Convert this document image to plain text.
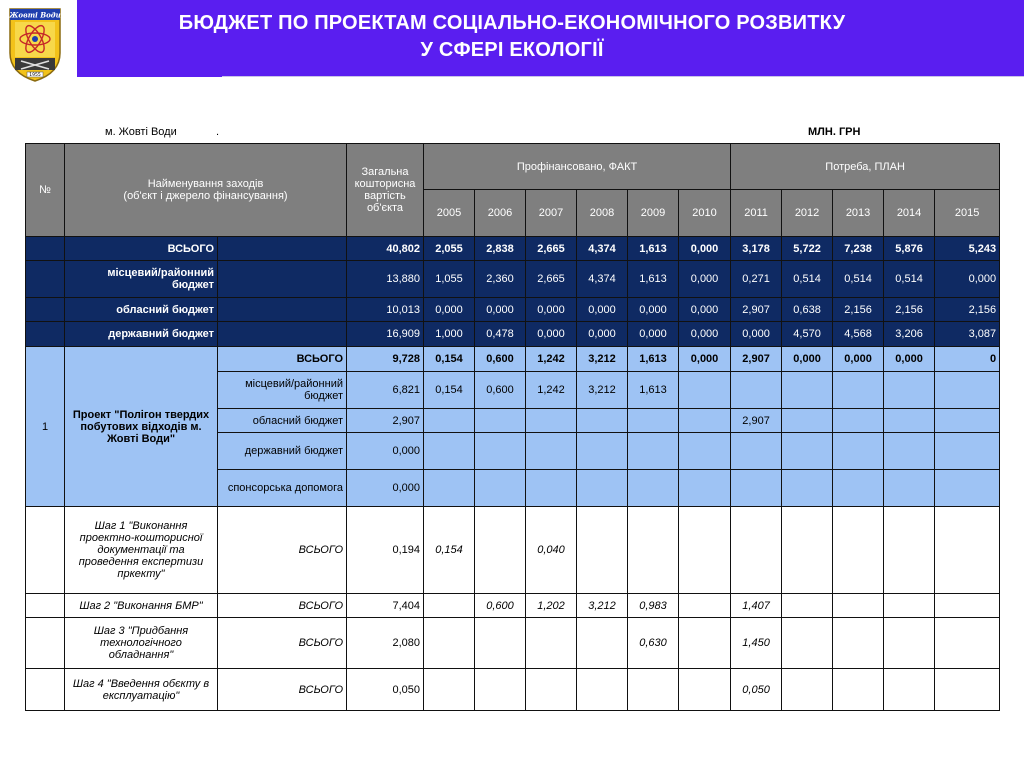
БЮДЖЕТ ПО ПРОЕКТАМ СОЦІАЛЬНО-ЕКОНОМІЧНОГО РОЗВИТКУ
У СФЕРІ ЕКОЛОГІЇ
Жовті Води
1955
м. Жовті Води	.	МЛН. ГРН
№	Найменування заходів
(об'єкт і джерело фінансування)		Загальна кошторисна вартість об'єкта	Профінансовано, ФАКТ						Потреба, ПЛАН				
				2005	2006	2007	2008	2009	2010	2011	2012	2013	2014	2015
	ВСЬОГО		40,802	2,055	2,838	2,665	4,374	1,613	0,000	3,178	5,722	7,238	5,876	5,243
	місцевий/районний бюджет		13,880	1,055	2,360	2,665	4,374	1,613	0,000	0,271	0,514	0,514	0,514	0,000
	обласний бюджет		10,013	0,000	0,000	0,000	0,000	0,000	0,000	2,907	0,638	2,156	2,156	2,156
	державний бюджет		16,909	1,000	0,478	0,000	0,000	0,000	0,000	0,000	4,570	4,568	3,206	3,087
1	Проект "Полігон твердих побутових відходів м. Жовті Води"	ВСЬОГО	9,728	0,154	0,600	1,242	3,212	1,613	0,000	2,907	0,000	0,000	0,000	0
		місцевий/районний бюджет	6,821	0,154	0,600	1,242	3,212	1,613						
		обласний бюджет	2,907							2,907				
		державний бюджет	0,000											
		спонсорська допомога	0,000											
	Шаг 1 "Виконання проектно-кошторисної документації та проведення експертизи пркекту"	ВСЬОГО	0,194	0,154		0,040								
	Шаг 2 "Виконання БМР"	ВСЬОГО	7,404		0,600	1,202	3,212	0,983		1,407				
	Шаг 3 "Придбання технологічного обладнання"	ВСЬОГО	2,080					0,630		1,450				
	Шаг 4 "Введення обєкту в експлуатацію"	ВСЬОГО	0,050							0,050				
